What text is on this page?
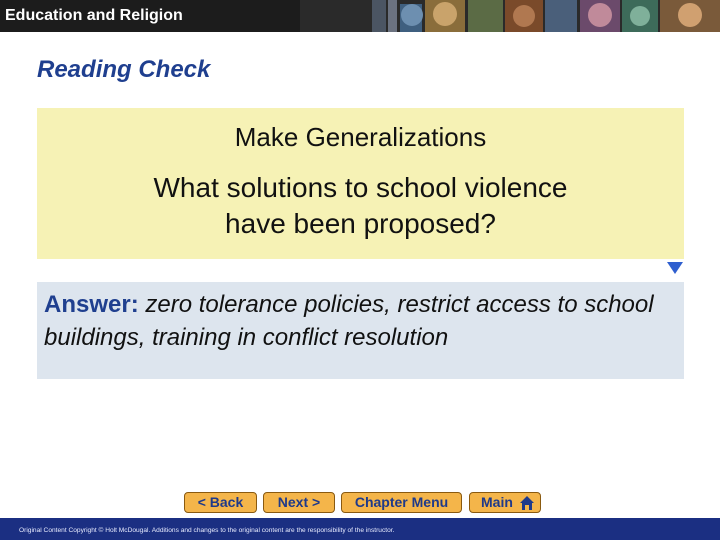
Education and Religion
Reading Check
Make Generalizations
What solutions to school violence
have been proposed?
Answer: zero tolerance policies, restrict access to school buildings, training in conflict resolution
< Back	Next >	Chapter Menu	Main
Original Content Copyright © Holt McDougal. Additions and changes to the original content are the responsibility of the instructor.
